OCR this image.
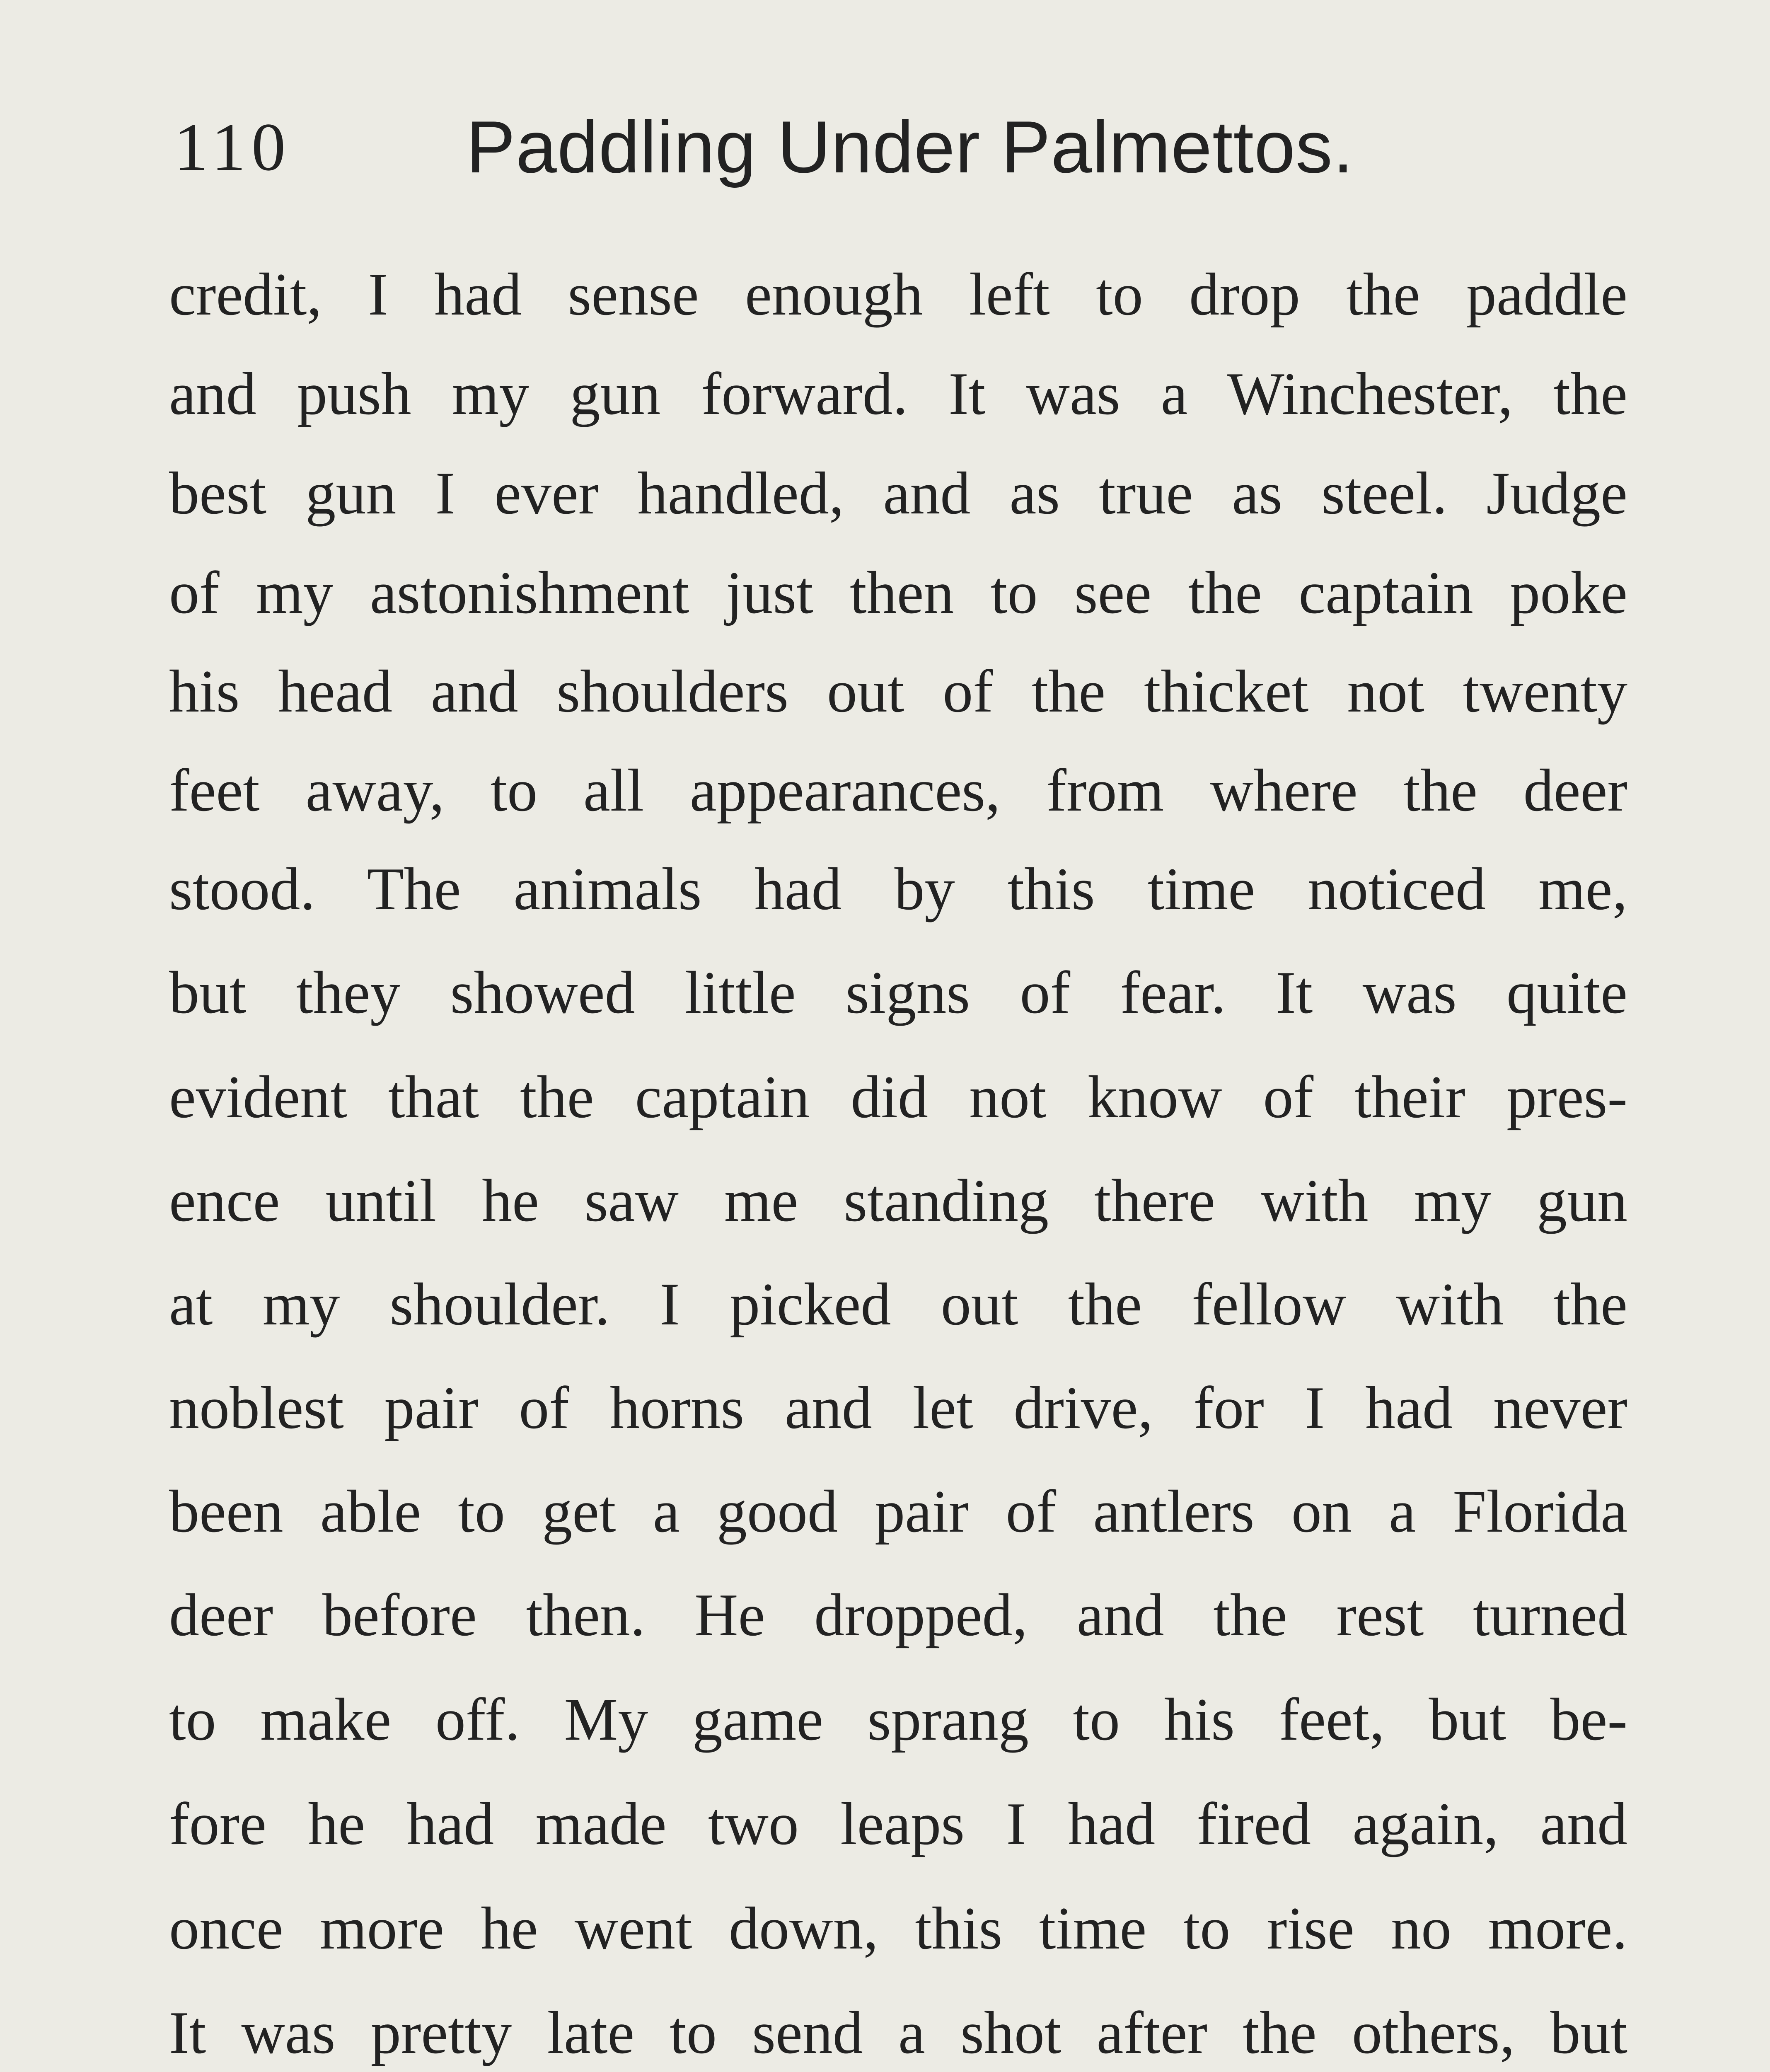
110 Paddling Under Palmettos.
credit, I had sense enough left to drop the paddle
and push my gun forward. It was a Winchester, the
best gun I ever handled, and as true as steel. Judge
of my astonishment just then to see the captain poke
his head and shoulders out of the thicket not twenty
feet away, to all appearances, from where the deer
stood. The animals had by this time noticed me,
but they showed little signs of fear. It was quite
evident that the captain did not know of their pres-
ence until he saw me standing there with my gun
at my shoulder. I picked out the fellow with the
noblest pair of horns and let drive, for I had never
been able to get a good pair of antlers on a Florida
deer before then. He dropped, and the rest turned
to make off. My game sprang to his feet, but be-
fore he had made two leaps I had fired again, and
once more he went down, this time to rise no more.
It was pretty late to send a shot after the others, but
